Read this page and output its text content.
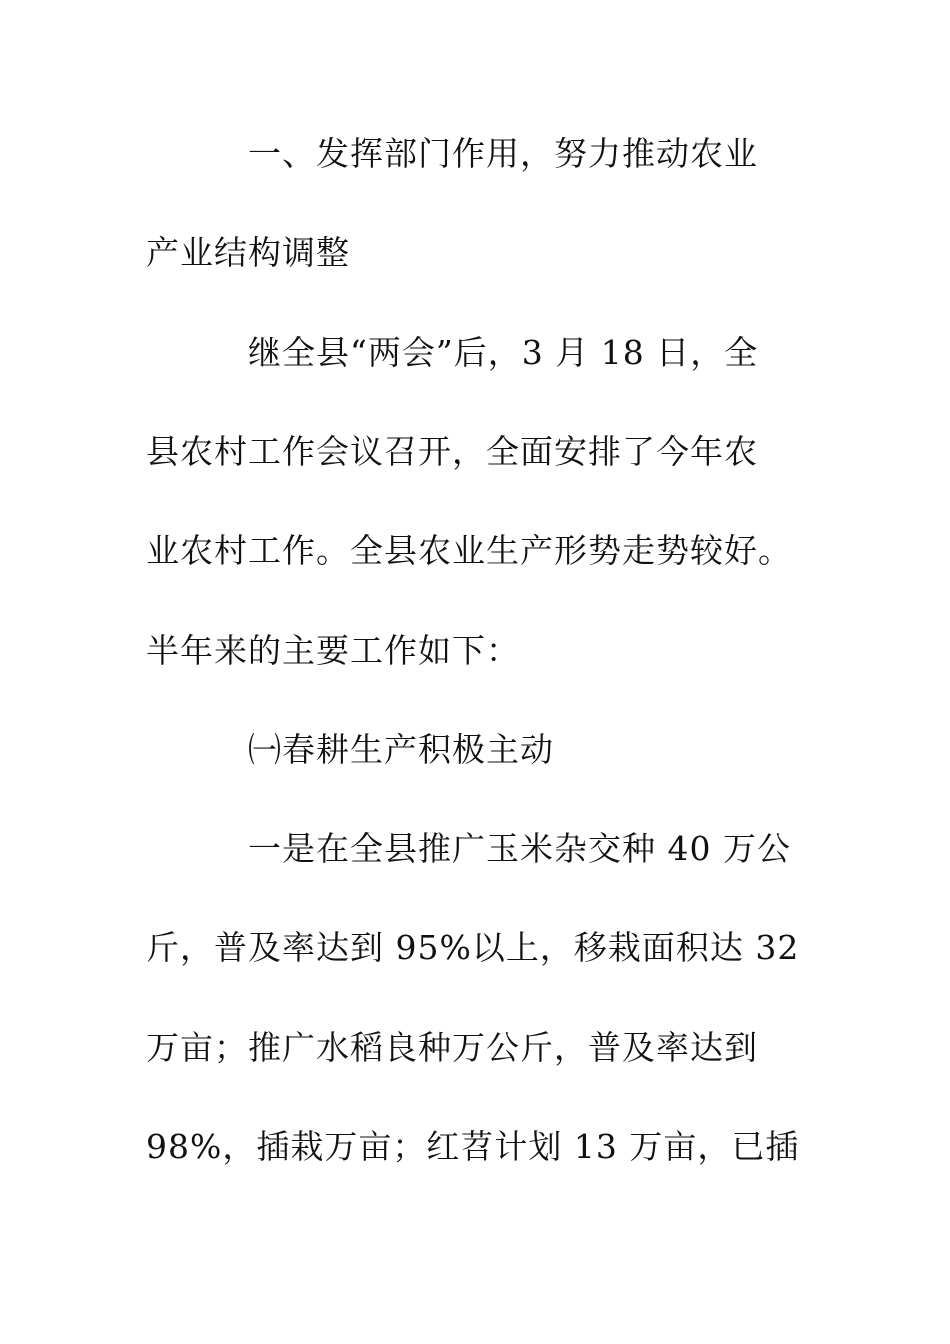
一、发挥部门作用，努力推动农业
产业结构调整
继全县“两会”后，3 月 18 日，全
县农村工作会议召开，全面安排了今年农
业农村工作。全县农业生产形势走势较好。
半年来的主要工作如下：
㈠春耕生产积极主动
一是在全县推广玉米杂交种 40 万公
斤，普及率达到 95%以上，移栽面积达 32
万亩；推广水稻良种万公斤，普及率达到
98%，插栽万亩；红苕计划 13 万亩，已插
